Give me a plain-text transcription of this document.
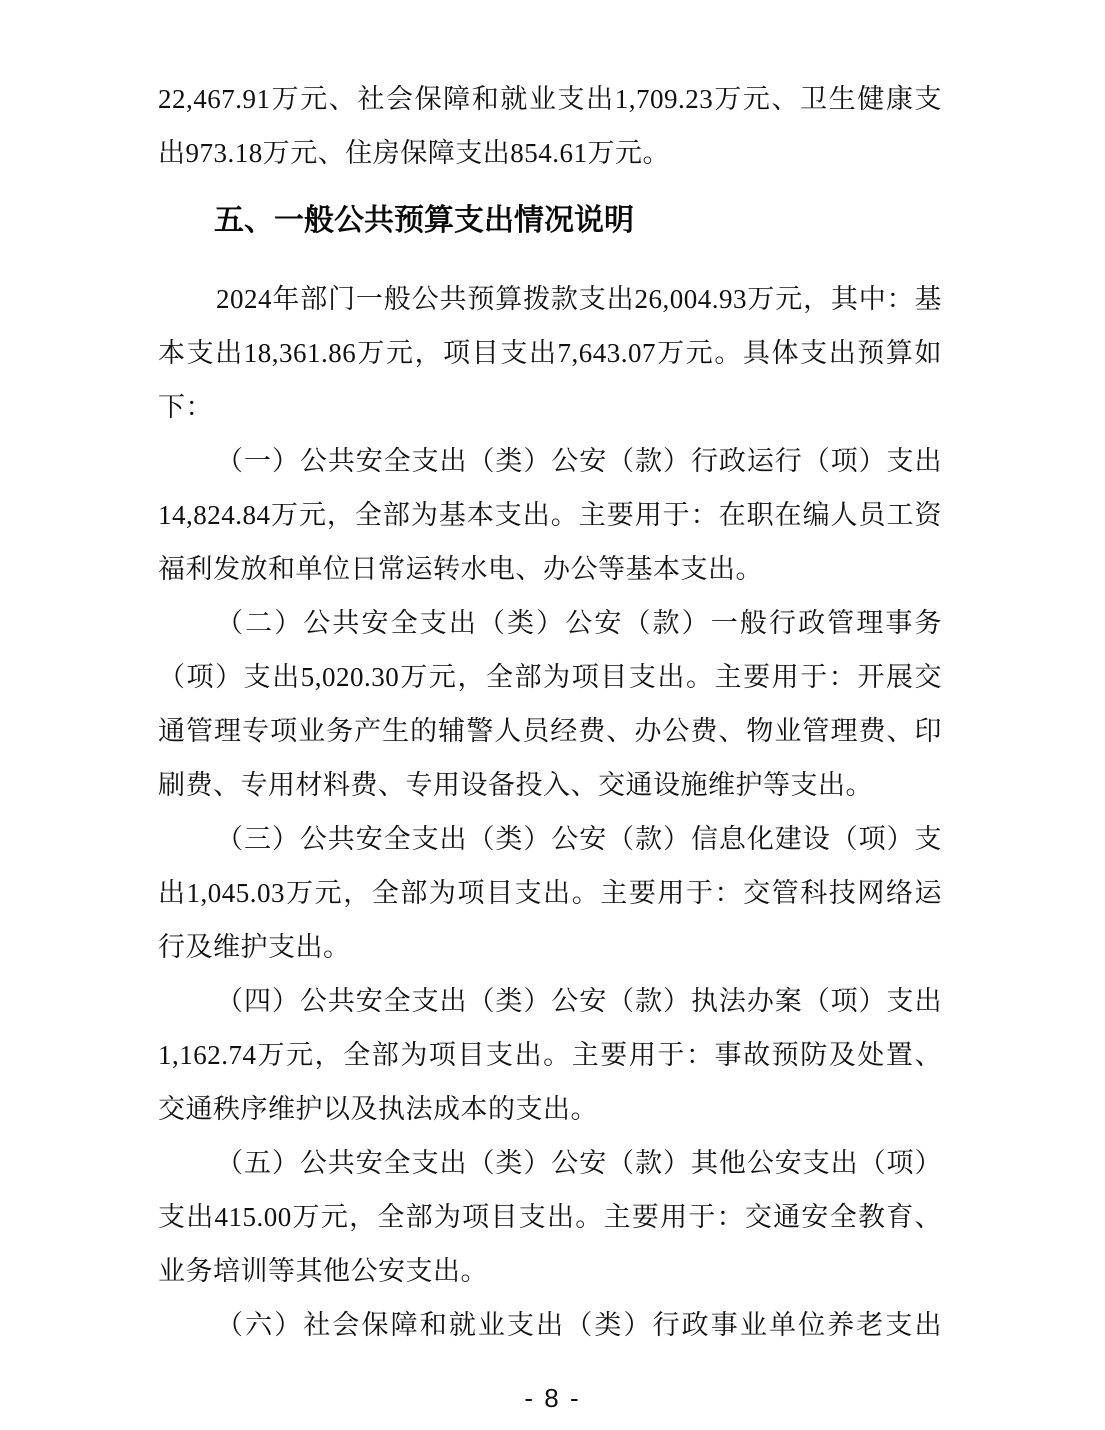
22,467.91万元、社会保障和就业支出1,709.23万元、卫生健康支
出973.18万元、住房保障支出854.61万元。
五、一般公共预算支出情况说明
2024年部门一般公共预算拨款支出26,004.93万元，其中：基
本支出18,361.86万元，项目支出7,643.07万元。具体支出预算如
下：
（一）公共安全支出（类）公安（款）行政运行（项）支出
14,824.84万元，全部为基本支出。主要用于：在职在编人员工资
福利发放和单位日常运转水电、办公等基本支出。
（二）公共安全支出（类）公安（款）一般行政管理事务
（项）支出5,020.30万元，全部为项目支出。主要用于：开展交
通管理专项业务产生的辅警人员经费、办公费、物业管理费、印
刷费、专用材料费、专用设备投入、交通设施维护等支出。
（三）公共安全支出（类）公安（款）信息化建设（项）支
出1,045.03万元，全部为项目支出。主要用于：交管科技网络运
行及维护支出。
（四）公共安全支出（类）公安（款）执法办案（项）支出
1,162.74万元，全部为项目支出。主要用于：事故预防及处置、
交通秩序维护以及执法成本的支出。
（五）公共安全支出（类）公安（款）其他公安支出（项）
支出415.00万元，全部为项目支出。主要用于：交通安全教育、
业务培训等其他公安支出。
（六）社会保障和就业支出（类）行政事业单位养老支出
- 8 -
